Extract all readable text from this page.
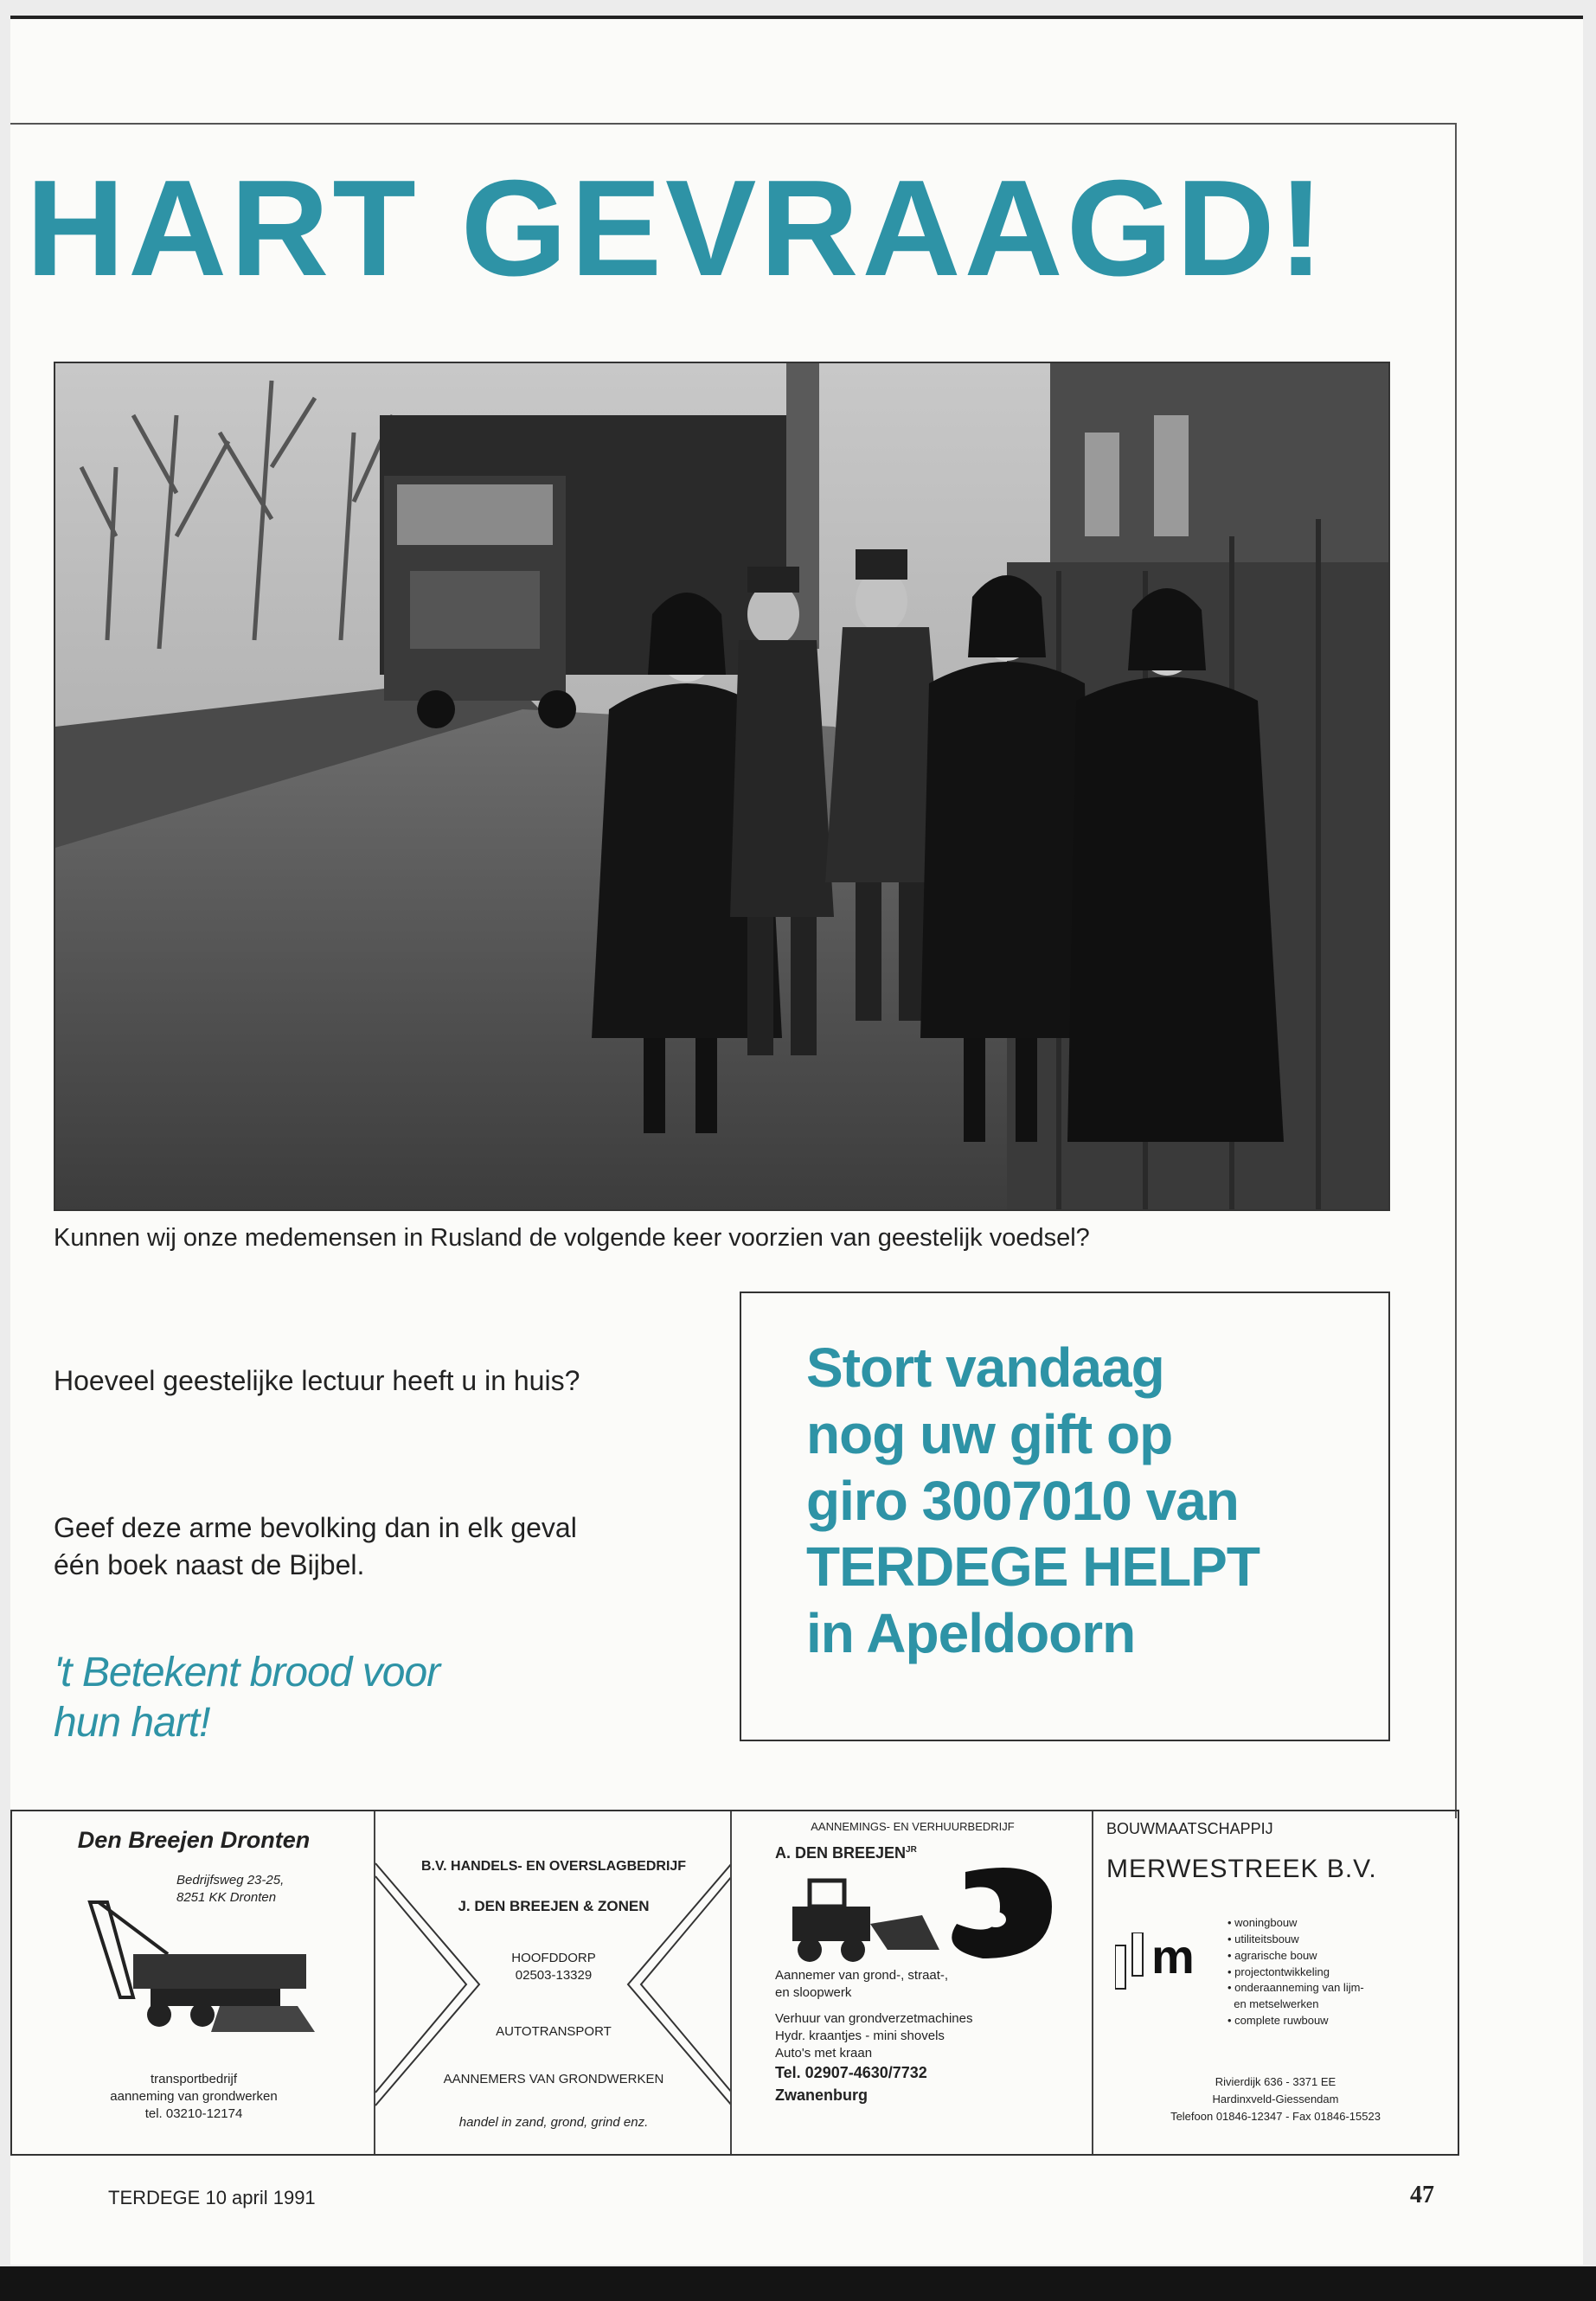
HART GEVRAAGD!
Kunnen wij onze medemensen in Rusland de volgende keer voorzien van geestelijk voedsel?
Hoeveel geestelijke lectuur heeft u in huis?
Geef deze arme bevolking dan in elk geval één boek naast de Bijbel.
't Betekent brood voor
hun hart!
Stort vandaag
nog uw gift op
giro 3007010 van
TERDEGE HELPT
in Apeldoorn
Den Breejen Dronten
Bedrijfsweg 23-25,
8251 KK Dronten
transportbedrijf
aanneming van grondwerken
tel. 03210-12174
B.V. HANDELS- EN OVERSLAGBEDRIJF
J. DEN BREEJEN & ZONEN
HOOFDDORP
02503-13329
AUTOTRANSPORT
AANNEMERS VAN GRONDWERKEN
handel in zand, grond, grind enz.
AANNEMINGS- EN VERHUURBEDRIJF
A. DEN $BREEJEN^{JR}$
Aannemer van grond-, straat-,
en sloopwerk
Verhuur van grondverzetmachines
Hydr. kraantjes - mini shovels
Auto's met kraan
Tel. 02907-4630/7732
Zwanenburg
BOUWMAATSCHAPPIJ
MERWESTREEK B.V.
m
• woningbouw
• utiliteitsbouw
• agrarische bouw
• projectontwikkeling
• onderaanneming van lijm-
en metselwerken
• complete ruwbouw
Rivierdijk 636 - 3371 EE
Hardinxveld-Giessendam
Telefoon 01846-12347 - Fax 01846-15523
TERDEGE 10 april 1991	47
